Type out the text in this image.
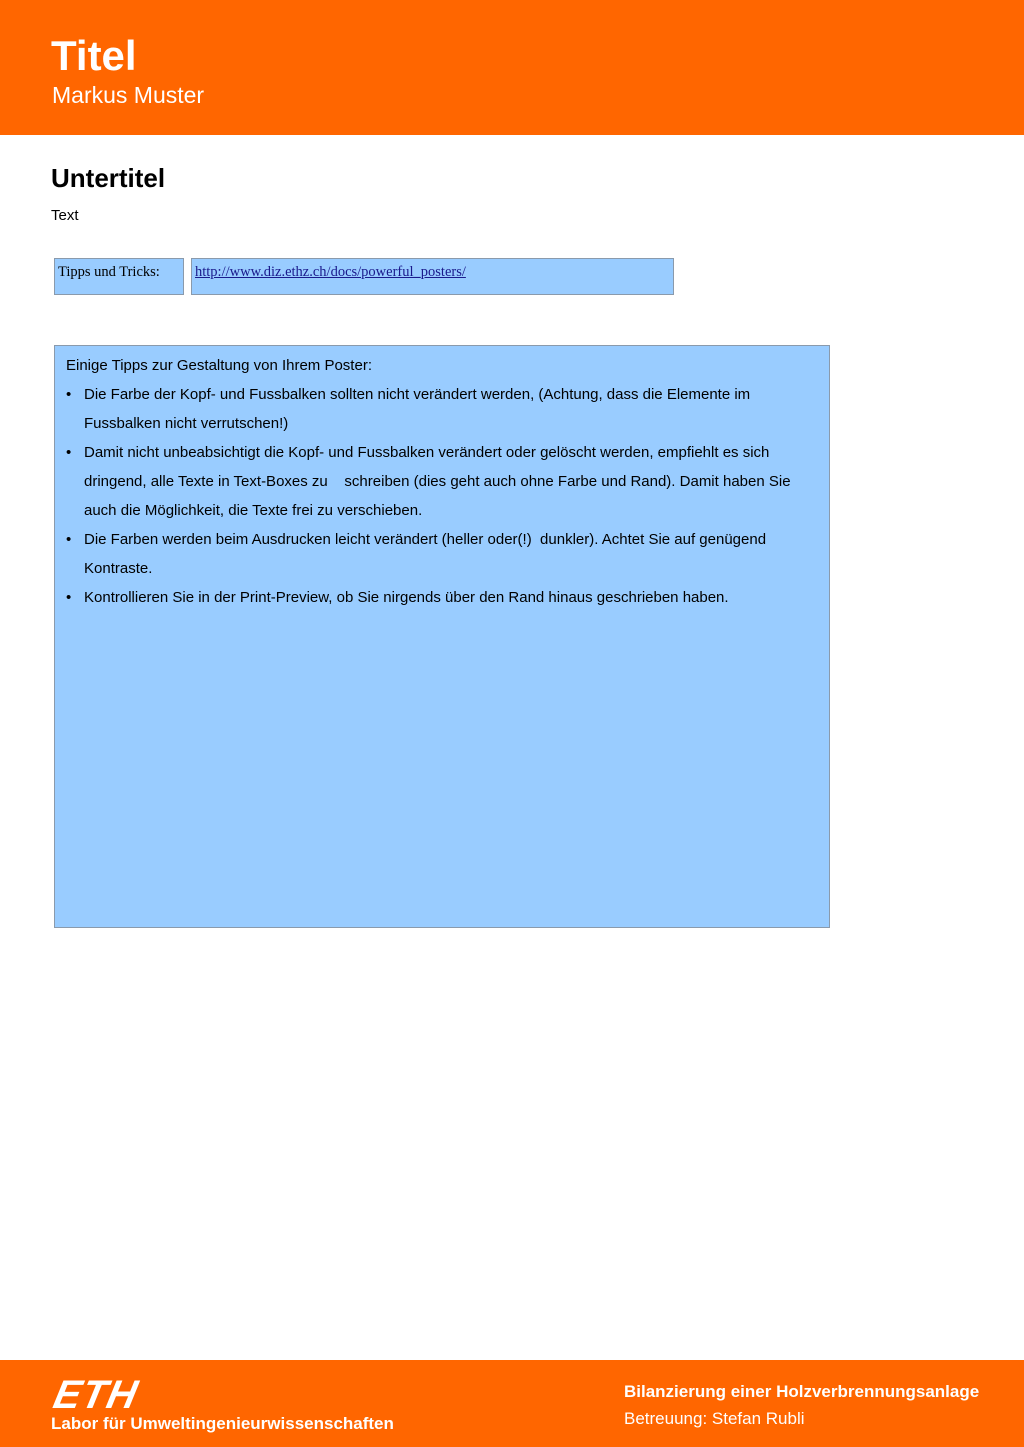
Titel
Markus Muster
Untertitel
Text
Tipps und Tricks: http://www.diz.ethz.ch/docs/powerful_posters/

Einige Tipps zur Gestaltung von Ihrem Poster:

• Die Farbe der Kopf- und Fussbalken sollten nicht verändert werden, (Achtung, dass die Elemente im Fussbalken nicht verrutschen!)
• Damit nicht unbeabsichtigt die Kopf- und Fussbalken verändert oder gelöscht werden, empfiehlt es sich dringend, alle Texte in Text-Boxes zu    schreiben (dies geht auch ohne Farbe und Rand). Damit haben Sie auch die Möglichkeit, die Texte frei zu verschieben.
• Die Farben werden beim Ausdrucken leicht verändert (heller oder(!)  dunkler). Achtet Sie auf genügend Kontraste.
• Kontrollieren Sie in der Print-Preview, ob Sie nirgends über den Rand hinaus geschrieben haben.
ETH
Labor für Umweltingenieurwissenschaften
Bilanzierung einer Holzverbrennungsanlage
Betreuung: Stefan Rubli
